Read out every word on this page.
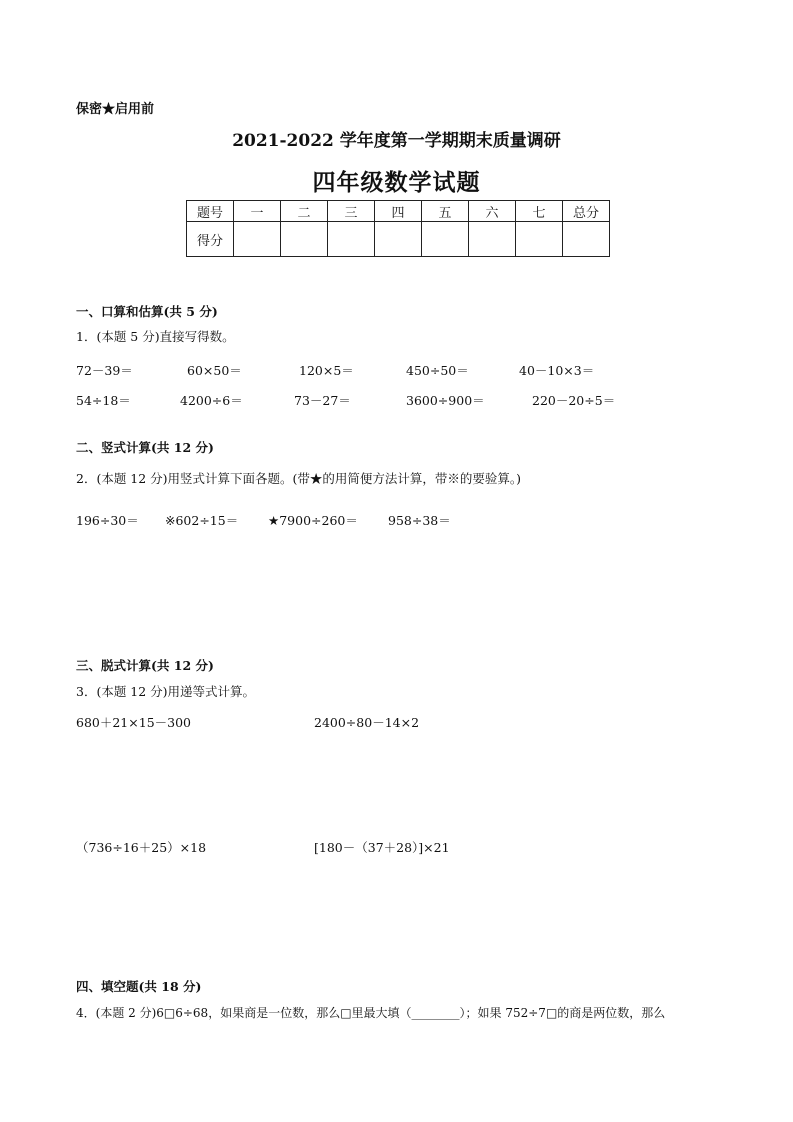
保密★启用前
2021-2022 学年度第一学期期末质量调研
四年级数学试题
题号	一	二	三	四	五	六	七	总分
得分								
一、口算和估算(共 5 分)
1．(本题 5 分)直接写得数。
72－39＝	60×50＝	120×5＝	450÷50＝	40－10×3＝
54÷18＝	4200÷6＝	73－27＝	3600÷900＝	220－20÷5＝
二、竖式计算(共 12 分)
2．(本题 12 分)用竖式计算下面各题。(带★的用简便方法计算，带※的要验算。)
196÷30＝ ※602÷15＝ ★7900÷260＝ 958÷38＝
三、脱式计算(共 12 分)
3．(本题 12 分)用递等式计算。
680＋21×15－300	2400÷80－14×2
（736÷16＋25）×18	[180－（37＋28）]×21
四、填空题(共 18 分)
4．(本题 2 分)6□6÷68，如果商是一位数，那么□里最大填（________）；如果 752÷7□的商是两位数，那么
